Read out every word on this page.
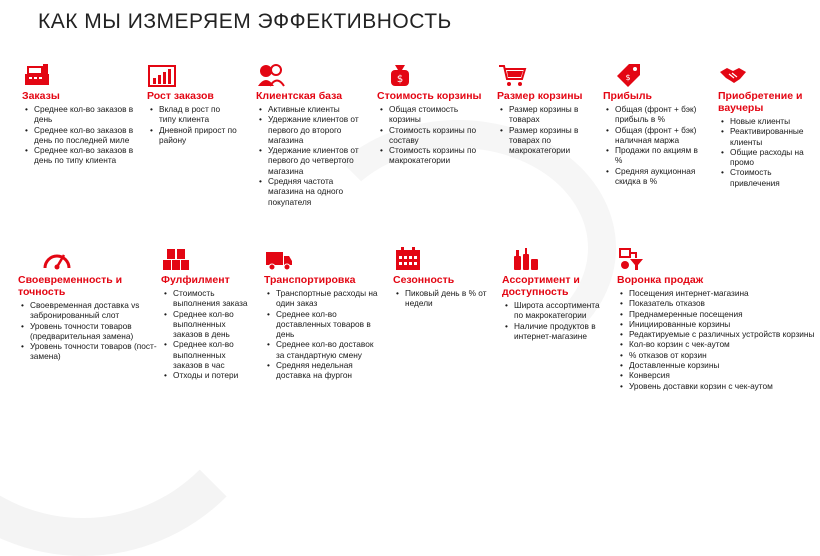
КАК МЫ ИЗМЕРЯЕМ ЭФФЕКТИВНОСТЬ
Заказы
• Среднее кол-во заказов в день
• Среднее кол-во заказов в день по последней миле
• Среднее кол-во заказов в день по типу клиента
Рост заказов
• Вклад в рост по типу клиента
• Дневной прирост по району
Клиентская база
• Активные клиенты
• Удержание клиентов от первого до второго магазина
• Удержание клиентов от первого до четвертого магазина
• Средняя частота магазина на одного покупателя
$
Стоимость корзины
• Общая стоимость корзины
• Стоимость корзины по составу
• Стоимость корзины по макрокатегории
Размер корзины
• Размер корзины в товарах
• Размер корзины в товарах по макрокатегории
$
Прибыль
• Общая (фронт + бэк) прибыль в %
• Общая (фронт + бэк) наличная маржа
• Продажи по акциям в %
• Средняя аукционная скидка в %
Приобретение и ваучеры
• Новые клиенты
• Реактивированные клиенты
• Общие расходы на промо
• Стоимость привлечения
Своевременность и точность
• Своевременная доставка vs забронированный слот
• Уровень точности товаров (предварительная замена)
• Уровень точности товаров (пост-замена)
Фулфилмент
• Стоимость выполнения заказа
• Среднее кол-во выполненных заказов в день
• Среднее кол-во выполненных заказов в час
• Отходы и потери
Транспортировка
• Транспортные расходы на один заказ
• Среднее кол-во доставленных товаров в день
• Среднее кол-во доставок за стандартную смену
• Средняя недельная доставка на фургон
Сезонность
• Пиковый день в % от недели
Ассортимент и доступность
• Широта ассортимента по макрокатегории
• Наличие продуктов в интернет-магазине
Воронка продаж
• Посещения интернет-магазина
• Показатель отказов
• Преднамеренные посещения
• Инициированные корзины
• Редактируемые с различных устройств корзины
• Кол-во корзин с чек-аутом
• % отказов от корзин
• Доставленные корзины
• Конверсия
• Уровень доставки корзин с чек-аутом
